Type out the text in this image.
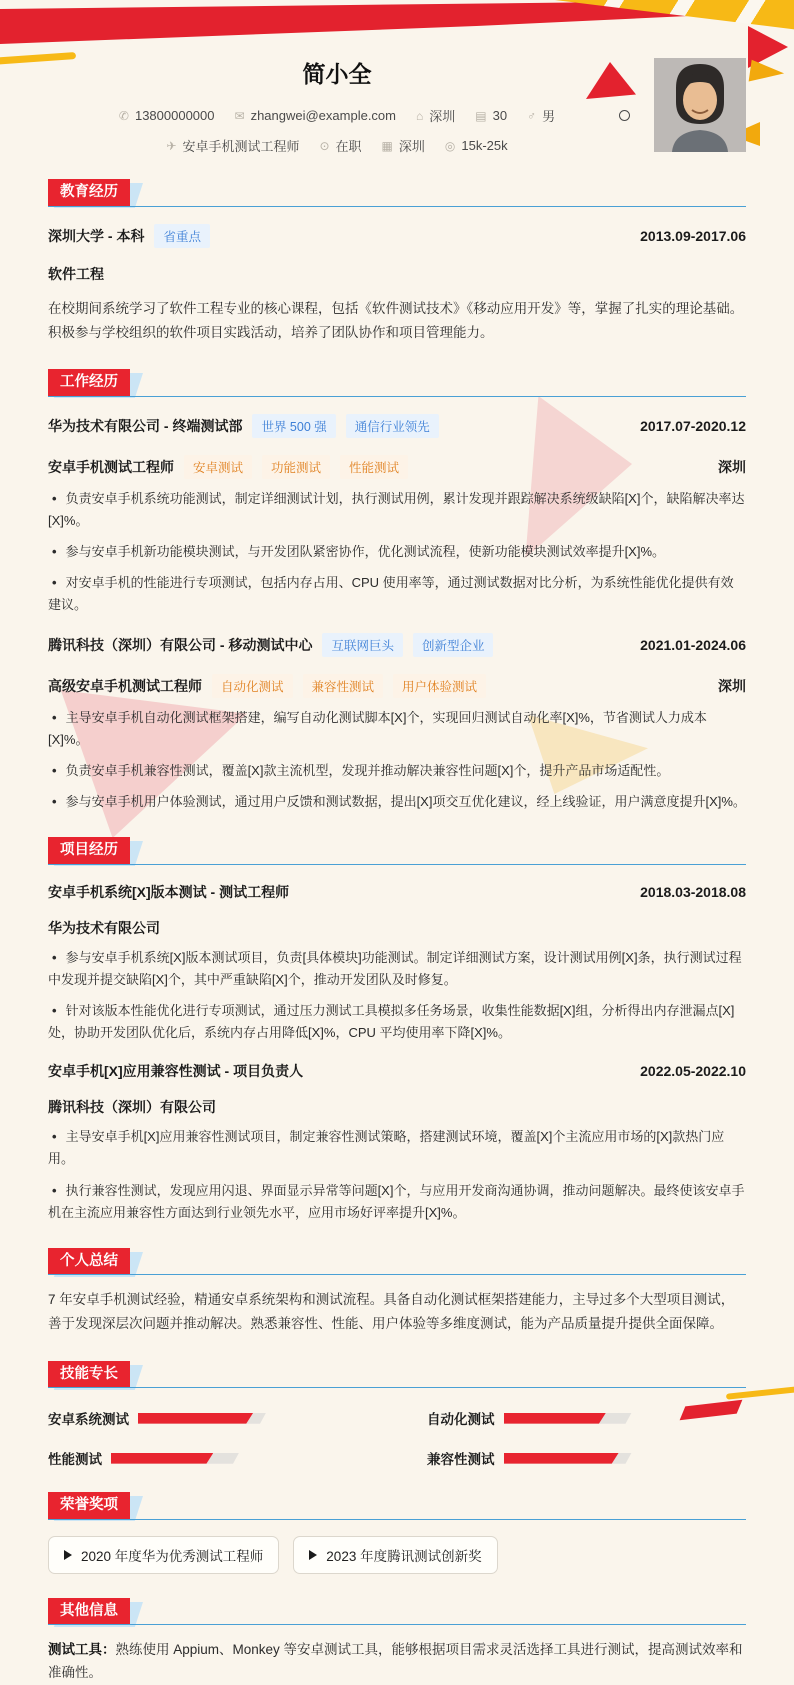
简小全
✆ 13800000000 ✉ zhangwei@example.com ⌂ 深圳 ▤ 30 ♂ 男
✈ 安卓手机测试工程师 ⊙ 在职 ▦ 深圳 ◎ 15k-25k
教育经历
深圳大学 - 本科	省重点	2013.09-2017.06
软件工程
在校期间系统学习了软件工程专业的核心课程，包括《软件测试技术》《移动应用开发》等，掌握了扎实的理论基础。积极参与学校组织的软件项目实践活动，培养了团队协作和项目管理能力。
工作经历
华为技术有限公司 - 终端测试部	世界 500 强	通信行业领先	2017.07-2020.12
安卓手机测试工程师	安卓测试	功能测试	性能测试	深圳
• 负责安卓手机系统功能测试，制定详细测试计划，执行测试用例，累计发现并跟踪解决系统级缺陷[X]个，缺陷解决率达[X]%。
• 参与安卓手机新功能模块测试，与开发团队紧密协作，优化测试流程，使新功能模块测试效率提升[X]%。
• 对安卓手机的性能进行专项测试，包括内存占用、CPU 使用率等，通过测试数据对比分析，为系统性能优化提供有效建议。
腾讯科技（深圳）有限公司 - 移动测试中心	互联网巨头	创新型企业	2021.01-2024.06
高级安卓手机测试工程师	自动化测试	兼容性测试	用户体验测试	深圳
• 主导安卓手机自动化测试框架搭建，编写自动化测试脚本[X]个，实现回归测试自动化率[X]%，节省测试人力成本[X]%。
• 负责安卓手机兼容性测试，覆盖[X]款主流机型，发现并推动解决兼容性问题[X]个，提升产品市场适配性。
• 参与安卓手机用户体验测试，通过用户反馈和测试数据，提出[X]项交互优化建议，经上线验证，用户满意度提升[X]%。
项目经历
安卓手机系统[X]版本测试 - 测试工程师	2018.03-2018.08
华为技术有限公司
• 参与安卓手机系统[X]版本测试项目，负责[具体模块]功能测试。制定详细测试方案，设计测试用例[X]条，执行测试过程中发现并提交缺陷[X]个，其中严重缺陷[X]个，推动开发团队及时修复。
• 针对该版本性能优化进行专项测试，通过压力测试工具模拟多任务场景，收集性能数据[X]组，分析得出内存泄漏点[X]处，协助开发团队优化后，系统内存占用降低[X]%，CPU 平均使用率下降[X]%。
安卓手机[X]应用兼容性测试 - 项目负责人	2022.05-2022.10
腾讯科技（深圳）有限公司
• 主导安卓手机[X]应用兼容性测试项目，制定兼容性测试策略，搭建测试环境，覆盖[X]个主流应用市场的[X]款热门应用。
• 执行兼容性测试，发现应用闪退、界面显示异常等问题[X]个，与应用开发商沟通协调，推动问题解决。最终使该安卓手机在主流应用兼容性方面达到行业领先水平，应用市场好评率提升[X]%。
个人总结
7 年安卓手机测试经验，精通安卓系统架构和测试流程。具备自动化测试框架搭建能力，主导过多个大型项目测试，善于发现深层次问题并推动解决。熟悉兼容性、性能、用户体验等多维度测试，能为产品质量提升提供全面保障。
技能专长
安卓系统测试	自动化测试
性能测试	兼容性测试
荣誉奖项
2020 年度华为优秀测试工程师	2023 年度腾讯测试创新奖
其他信息
测试工具：熟练使用 Appium、Monkey 等安卓测试工具，能够根据项目需求灵活选择工具进行测试，提高测试效率和准确性。
